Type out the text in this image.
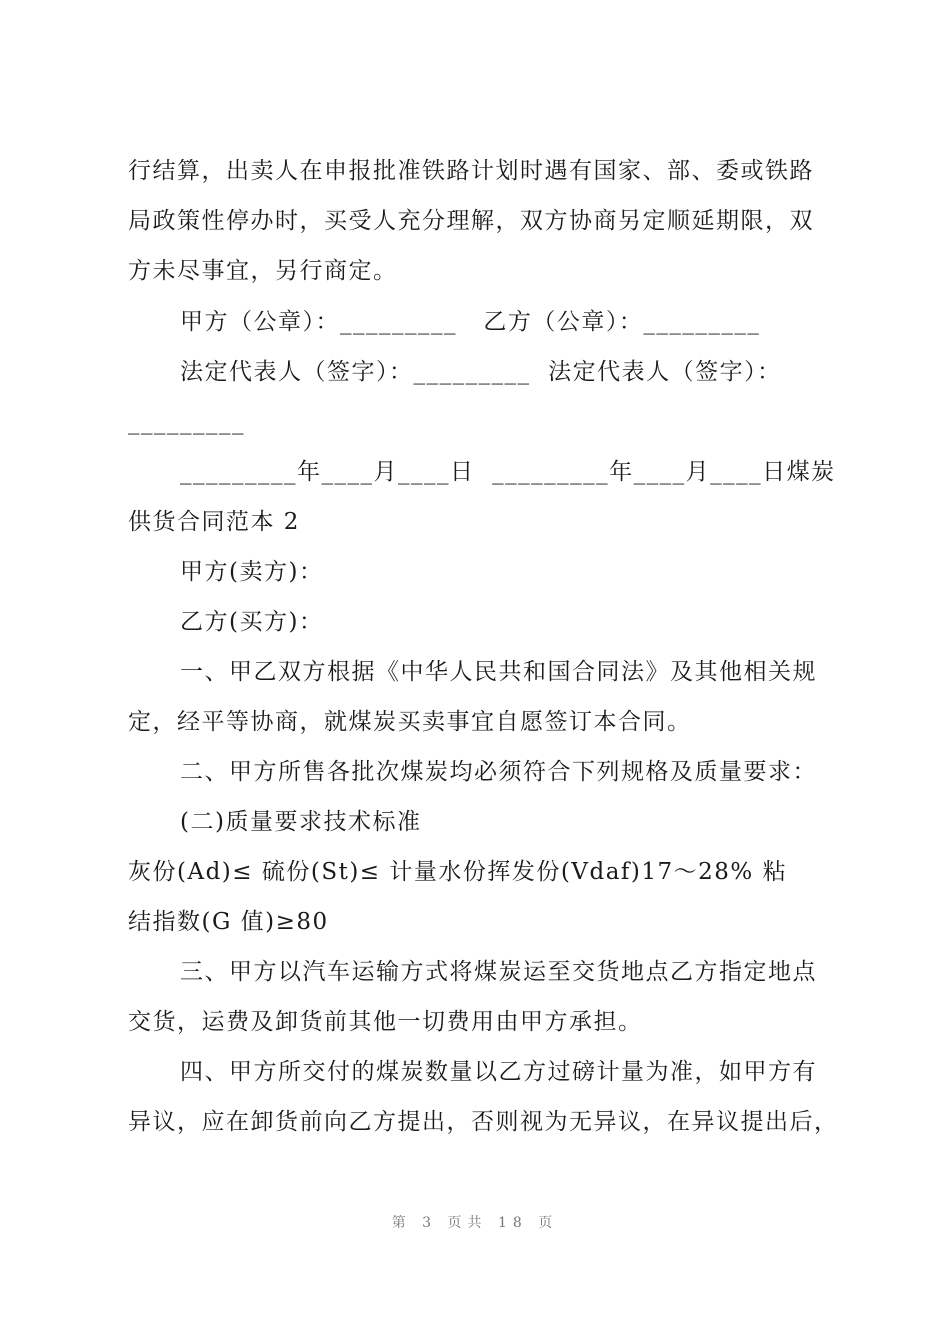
行结算，出卖人在申报批准铁路计划时遇有国家、部、委或铁路
局政策性停办时，买受人充分理解，双方协商另定顺延期限，双
方未尽事宜，另行商定。
甲方（公章）：_________   乙方（公章）：_________
法定代表人（签字）：_________  法定代表人（签字）：
_________
_________年____月____日  _________年____月____日煤炭
供货合同范本 2
甲方(卖方)：
乙方(买方)：
一、甲乙双方根据《中华人民共和国合同法》及其他相关规
定，经平等协商，就煤炭买卖事宜自愿签订本合同。
二、甲方所售各批次煤炭均必须符合下列规格及质量要求：
(二)质量要求技术标准
灰份(Ad)≤ 硫份(St)≤ 计量水份挥发份(Vdaf)17～28% 粘
结指数(G 值)≥80
三、甲方以汽车运输方式将煤炭运至交货地点乙方指定地点
交货，运费及卸货前其他一切费用由甲方承担。
四、甲方所交付的煤炭数量以乙方过磅计量为准，如甲方有
异议，应在卸货前向乙方提出，否则视为无异议，在异议提出后，
第 3 页共 18 页
